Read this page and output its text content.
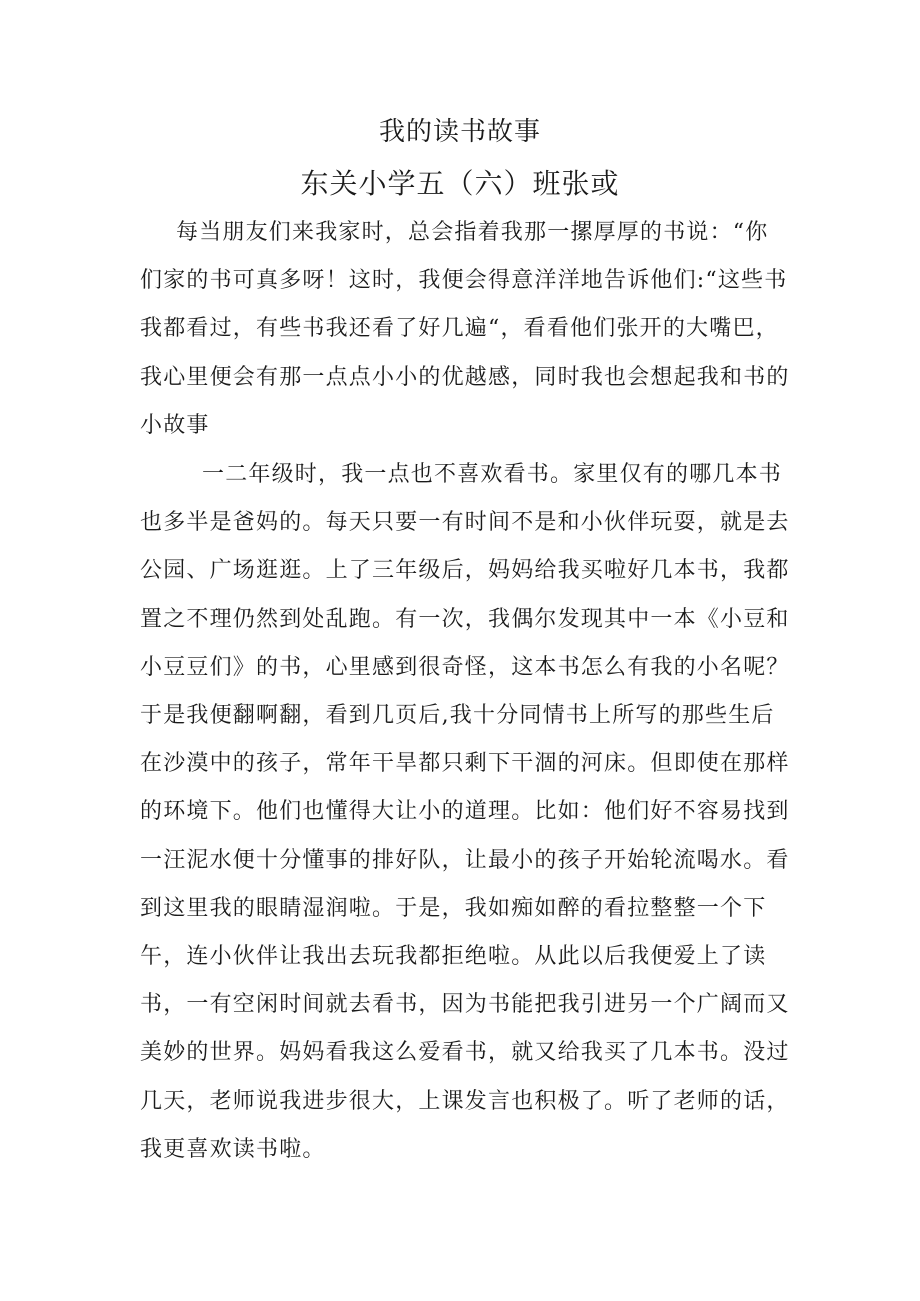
我的读书故事
东关小学五（六）班张或

每当朋友们来我家时，总会指着我那一摞厚厚的书说：“你们家的书可真多呀！这时，我便会得意洋洋地告诉他们:“这些书我都看过，有些书我还看了好几遍“，看看他们张开的大嘴巴，我心里便会有那一点点小小的优越感，同时我也会想起我和书的小故事

一二年级时，我一点也不喜欢看书。家里仅有的哪几本书也多半是爸妈的。每天只要一有时间不是和小伙伴玩耍，就是去公园、广场逛逛。上了三年级后，妈妈给我买啦好几本书，我都置之不理仍然到处乱跑。有一次，我偶尔发现其中一本《小豆和小豆豆们》的书，心里感到很奇怪，这本书怎么有我的小名呢？于是我便翻啊翻，看到几页后,我十分同情书上所写的那些生后在沙漠中的孩子，常年干旱都只剩下干涸的河床。但即使在那样的环境下。他们也懂得大让小的道理。比如：他们好不容易找到一汪泥水便十分懂事的排好队，让最小的孩子开始轮流喝水。看到这里我的眼睛湿润啦。于是，我如痴如醉的看拉整整一个下午，连小伙伴让我出去玩我都拒绝啦。从此以后我便爱上了读书，一有空闲时间就去看书，因为书能把我引进另一个广阔而又美妙的世界。妈妈看我这么爱看书，就又给我买了几本书。没过几天，老师说我进步很大，上课发言也积极了。听了老师的话，我更喜欢读书啦。
